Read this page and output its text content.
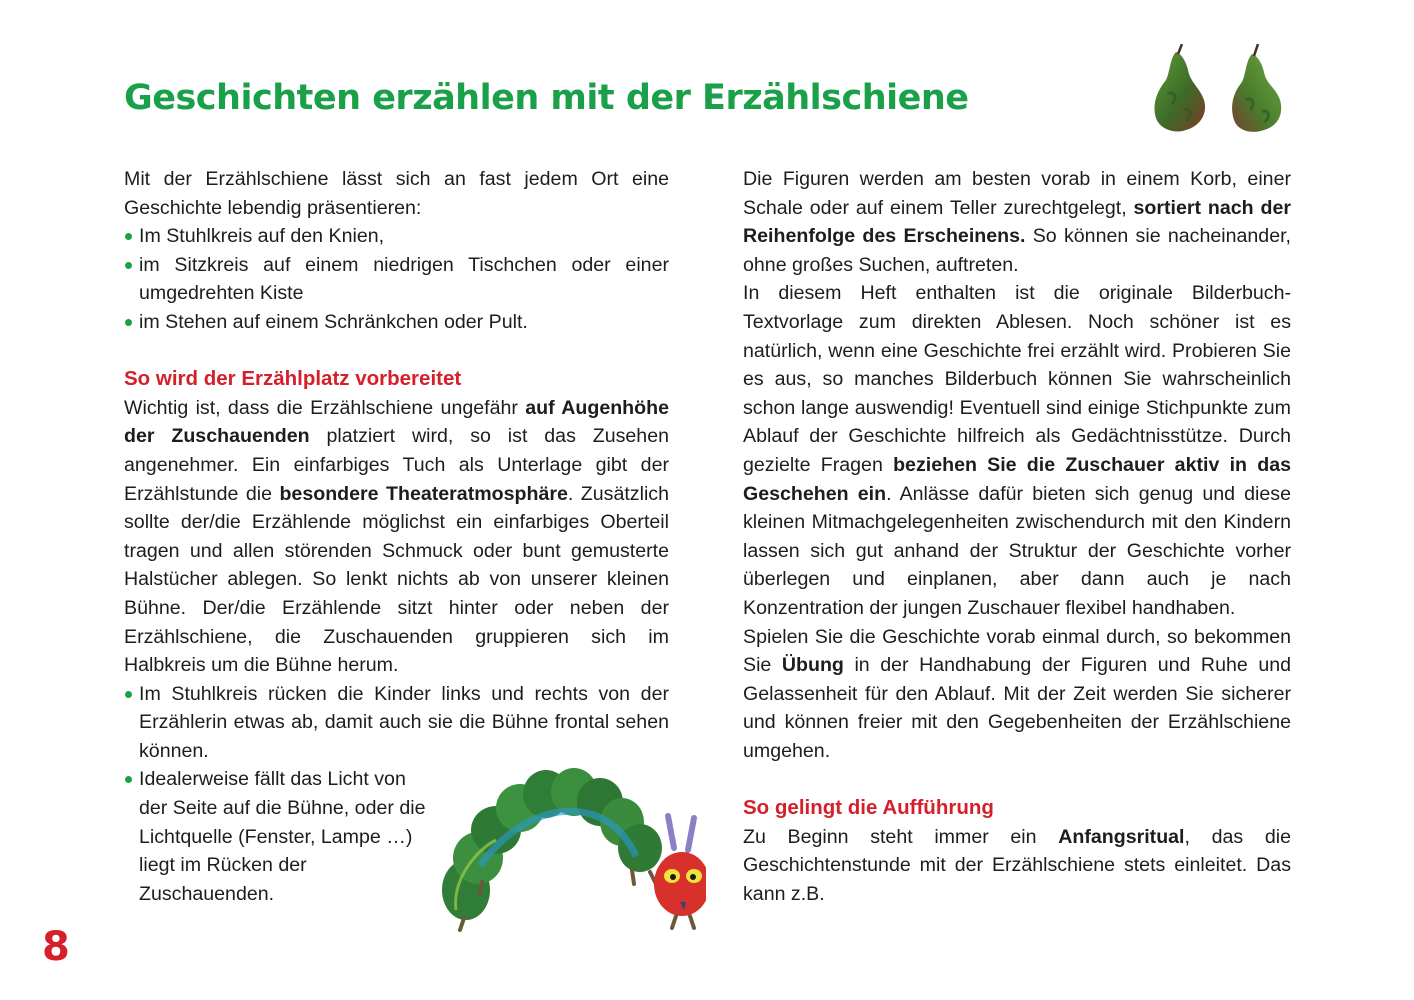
Geschichten erzählen mit der Erzählschiene

Mit der Erzählschiene lässt sich an fast jedem Ort eine Geschichte lebendig präsentieren:

Im Stuhlkreis auf den Knien,
im Sitzkreis auf einem niedrigen Tischchen oder einer umgedrehten Kiste
im Stehen auf einem Schränkchen oder Pult.
So wird der Erzählplatz vorbereitet

Wichtig ist, dass die Erzählschiene ungefähr auf Augenhöhe der Zuschauenden platziert wird, so ist das Zusehen angenehmer. Ein einfarbiges Tuch als Unterlage gibt der Erzählstunde die besondere Theateratmosphäre. Zusätzlich sollte der/die Erzählende möglichst ein einfarbiges Oberteil tragen und allen störenden Schmuck oder bunt gemusterte Halstücher ablegen. So lenkt nichts ab von unserer kleinen Bühne. Der/die Erzählende sitzt hinter oder neben der Erzählschiene, die Zuschauenden gruppieren sich im Halbkreis um die Bühne herum.

Im Stuhlkreis rücken die Kinder links und rechts von der Erzählerin etwas ab, damit auch sie die Bühne frontal sehen können.
Idealerweise fällt das Licht von der Seite auf die Bühne, oder die Lichtquelle (Fenster, Lampe …) liegt im Rücken der Zuschauenden.

Die Figuren werden am besten vorab in einem Korb, einer Schale oder auf einem Teller zurechtgelegt, sortiert nach der Reihenfolge des Erscheinens. So können sie nacheinander, ohne großes Suchen, auftreten.

In diesem Heft enthalten ist die originale Bilderbuch-Textvorlage zum direkten Ablesen. Noch schöner ist es natürlich, wenn eine Geschichte frei erzählt wird. Probieren Sie es aus, so manches Bilderbuch können Sie wahrscheinlich schon lange auswendig! Eventuell sind einige Stichpunkte zum Ablauf der Geschichte hilfreich als Gedächtnisstütze. Durch gezielte Fragen beziehen Sie die Zuschauer aktiv in das Geschehen ein. Anlässe dafür bieten sich genug und diese kleinen Mitmachgelegenheiten zwischendurch mit den Kindern lassen sich gut anhand der Struktur der Geschichte vorher überlegen und einplanen, aber dann auch je nach Konzentration der jungen Zuschauer flexibel handhaben.

Spielen Sie die Geschichte vorab einmal durch, so bekommen Sie Übung in der Handhabung der Figuren und Ruhe und Gelassenheit für den Ablauf. Mit der Zeit werden Sie sicherer und können freier mit den Gegebenheiten der Erzählschiene umgehen.

So gelingt die Aufführung

Zu Beginn steht immer ein Anfangsritual, das die Geschichtenstunde mit der Erzählschiene stets einleitet. Das kann z.B.

8
